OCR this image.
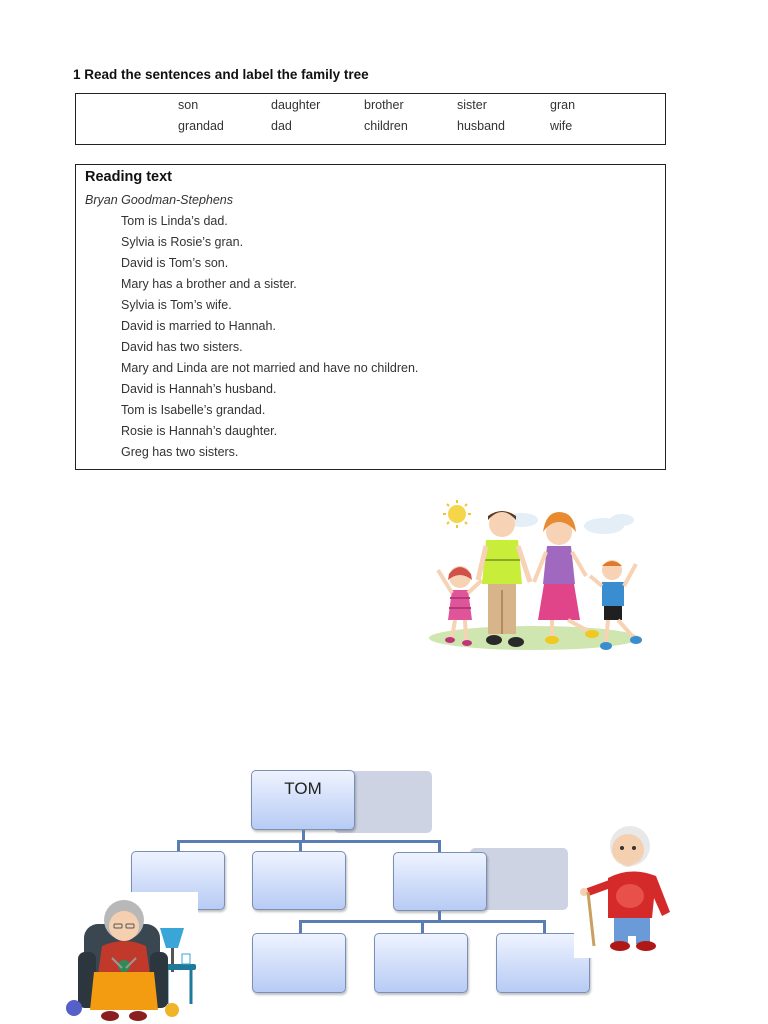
1 Read the sentences and label the family tree
son	daughter	brother	sister	gran
grandad	dad	children	husband	wife
Reading text
Bryan Goodman-Stephens
Tom is Linda’s dad.
Sylvia is Rosie’s gran.
David is Tom’s son.
Mary has a brother and a sister.
Sylvia is Tom’s wife.
David is married to Hannah.
David has two sisters.
Mary and Linda are not married and have no children.
David is Hannah’s husband.
Tom is Isabelle’s grandad.
Rosie is Hannah’s daughter.
Greg has two sisters.
TOM
